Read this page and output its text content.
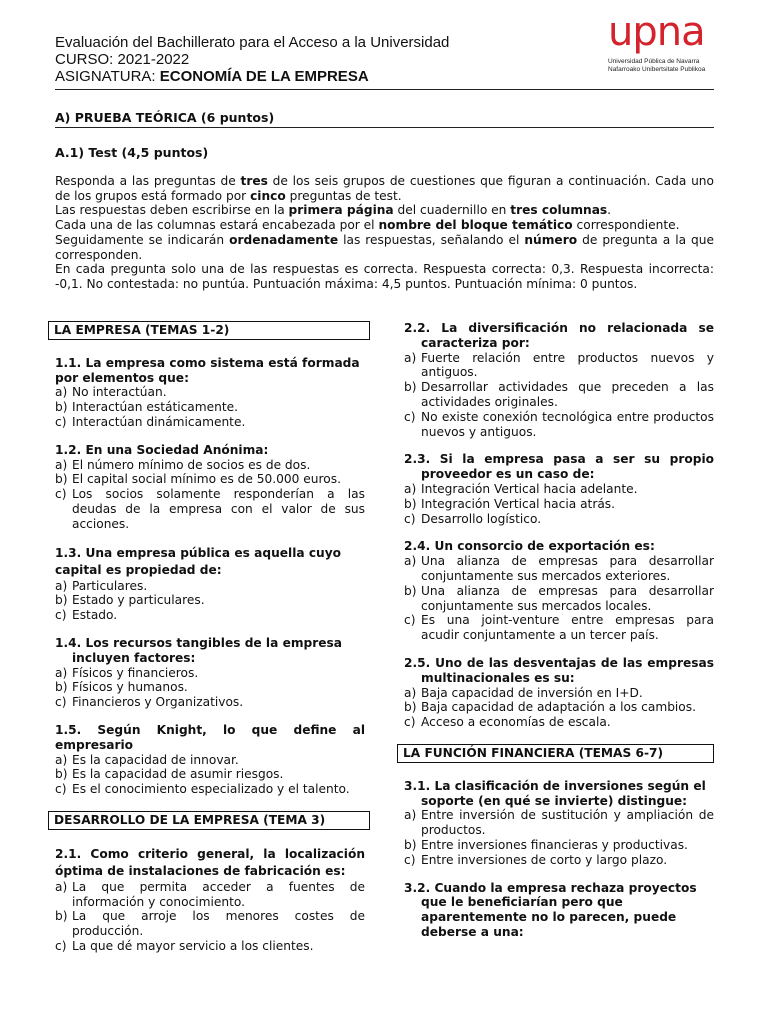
Evaluación del Bachillerato para el Acceso a la Universidad
CURSO: 2021-2022
ASIGNATURA: ECONOMÍA DE LA EMPRESA
upna
Universidad Pública de Navarra
Nafarroako Unibertsitate Publikoa
A) PRUEBA TEÓRICA (6 puntos)
A.1) Test (4,5 puntos)

Responda a las preguntas de tres de los seis grupos de cuestiones que figuran a continuación. Cada uno de los grupos está formado por cinco preguntas de test.

Las respuestas deben escribirse en la primera página del cuadernillo en tres columnas.

Cada una de las columnas estará encabezada por el nombre del bloque temático correspondiente.

Seguidamente se indicarán ordenadamente las respuestas, señalando el número de pregunta a la que corresponden.

En cada pregunta solo una de las respuestas es correcta. Respuesta correcta: 0,3. Respuesta incorrecta: -0,1. No contestada: no puntúa. Puntuación máxima: 4,5 puntos. Puntuación mínima: 0 puntos.

LA EMPRESA (TEMAS 1-2)
1.1. La empresa como sistema está formada por elementos que:
a) No interactúan.
b) Interactúan estáticamente.
c) Interactúan dinámicamente.
1.2. En una Sociedad Anónima:
a) El número mínimo de socios es de dos.
b) El capital social mínimo es de 50.000 euros.
c) Los socios solamente responderían a las deudas de la empresa con el valor de sus acciones.
1.3. Una empresa pública es aquella cuyo capital es propiedad de:
a) Particulares.
b) Estado y particulares.
c) Estado.
1.4. Los recursos tangibles de la empresa incluyen factores:
a) Físicos y financieros.
b) Físicos y humanos.
c) Financieros y Organizativos.
1.5. Según Knight, lo que define al empresario
a) Es la capacidad de innovar.
b) Es la capacidad de asumir riesgos.
c) Es el conocimiento especializado y el talento.
DESARROLLO DE LA EMPRESA (TEMA 3)
2.1. Como criterio general, la localización óptima de instalaciones de fabricación es:
a) La que permita acceder a fuentes de información y conocimiento.
b) La que arroje los menores costes de producción.
c) La que dé mayor servicio a los clientes.
2.2. La diversificación no relacionada se caracteriza por:
a) Fuerte relación entre productos nuevos y antiguos.
b) Desarrollar actividades que preceden a las actividades originales.
c) No existe conexión tecnológica entre productos nuevos y antiguos.
2.3. Si la empresa pasa a ser su propio proveedor es un caso de:
a) Integración Vertical hacia adelante.
b) Integración Vertical hacia atrás.
c) Desarrollo logístico.
2.4. Un consorcio de exportación es:
a) Una alianza de empresas para desarrollar conjuntamente sus mercados exteriores.
b) Una alianza de empresas para desarrollar conjuntamente sus mercados locales.
c) Es una joint-venture entre empresas para acudir conjuntamente a un tercer país.
2.5. Uno de las desventajas de las empresas multinacionales es su:
a) Baja capacidad de inversión en I+D.
b) Baja capacidad de adaptación a los cambios.
c) Acceso a economías de escala.
LA FUNCIÓN FINANCIERA (TEMAS 6-7)
3.1. La clasificación de inversiones según el soporte (en qué se invierte) distingue:
a) Entre inversión de sustitución y ampliación de productos.
b) Entre inversiones financieras y productivas.
c) Entre inversiones de corto y largo plazo.
3.2. Cuando la empresa rechaza proyectos que le beneficiarían pero que aparentemente no lo parecen, puede deberse a una:
